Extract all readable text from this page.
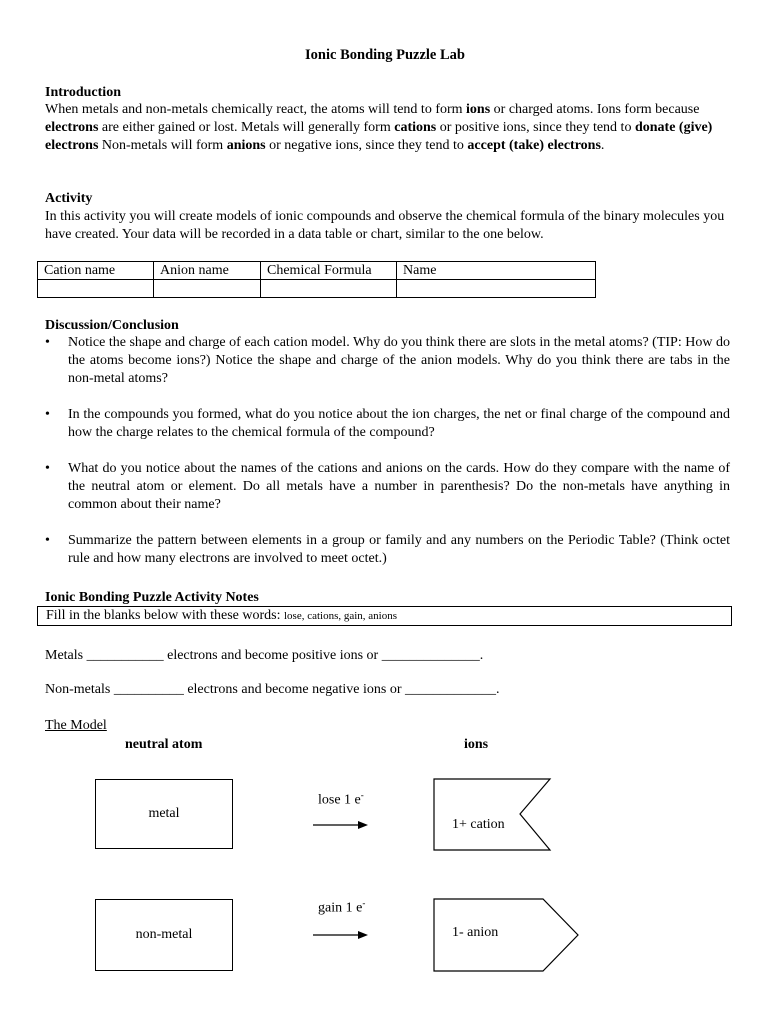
Ionic Bonding Puzzle Lab
Introduction
When metals and non-metals chemically react, the atoms will tend to form ions or charged atoms. Ions form because electrons are either gained or lost. Metals will generally form cations or positive ions, since they tend to donate (give) electrons Non-metals will form anions or negative ions, since they tend to accept (take) electrons.
Activity
In this activity you will create models of ionic compounds and observe the chemical formula of the binary molecules you have created. Your data will be recorded in a data table or chart, similar to the one below.
Cation name	Anion name	Chemical Formula	Name

Discussion/Conclusion
• Notice the shape and charge of each cation model. Why do you think there are slots in the metal atoms? (TIP: How do the atoms become ions?) Notice the shape and charge of the anion models. Why do you think there are tabs in the non-metal atoms?
• In the compounds you formed, what do you notice about the ion charges, the net or final charge of the compound and how the charge relates to the chemical formula of the compound?
• What do you notice about the names of the cations and anions on the cards. How do they compare with the name of the neutral atom or element. Do all metals have a number in parenthesis? Do the non-metals have anything in common about their name?
• Summarize the pattern between elements in a group or family and any numbers on the Periodic Table? (Think octet rule and how many electrons are involved to meet octet.)
Ionic Bonding Puzzle Activity Notes
Fill in the blanks below with these words: lose, cations, gain, anions
Metals ___________ electrons and become positive ions or ______________.
Non-metals __________ electrons and become negative ions or _____________.
The Model
neutral atom	ions
metal
lose 1 e-
1+ cation
non-metal
gain 1 e-
1- anion
